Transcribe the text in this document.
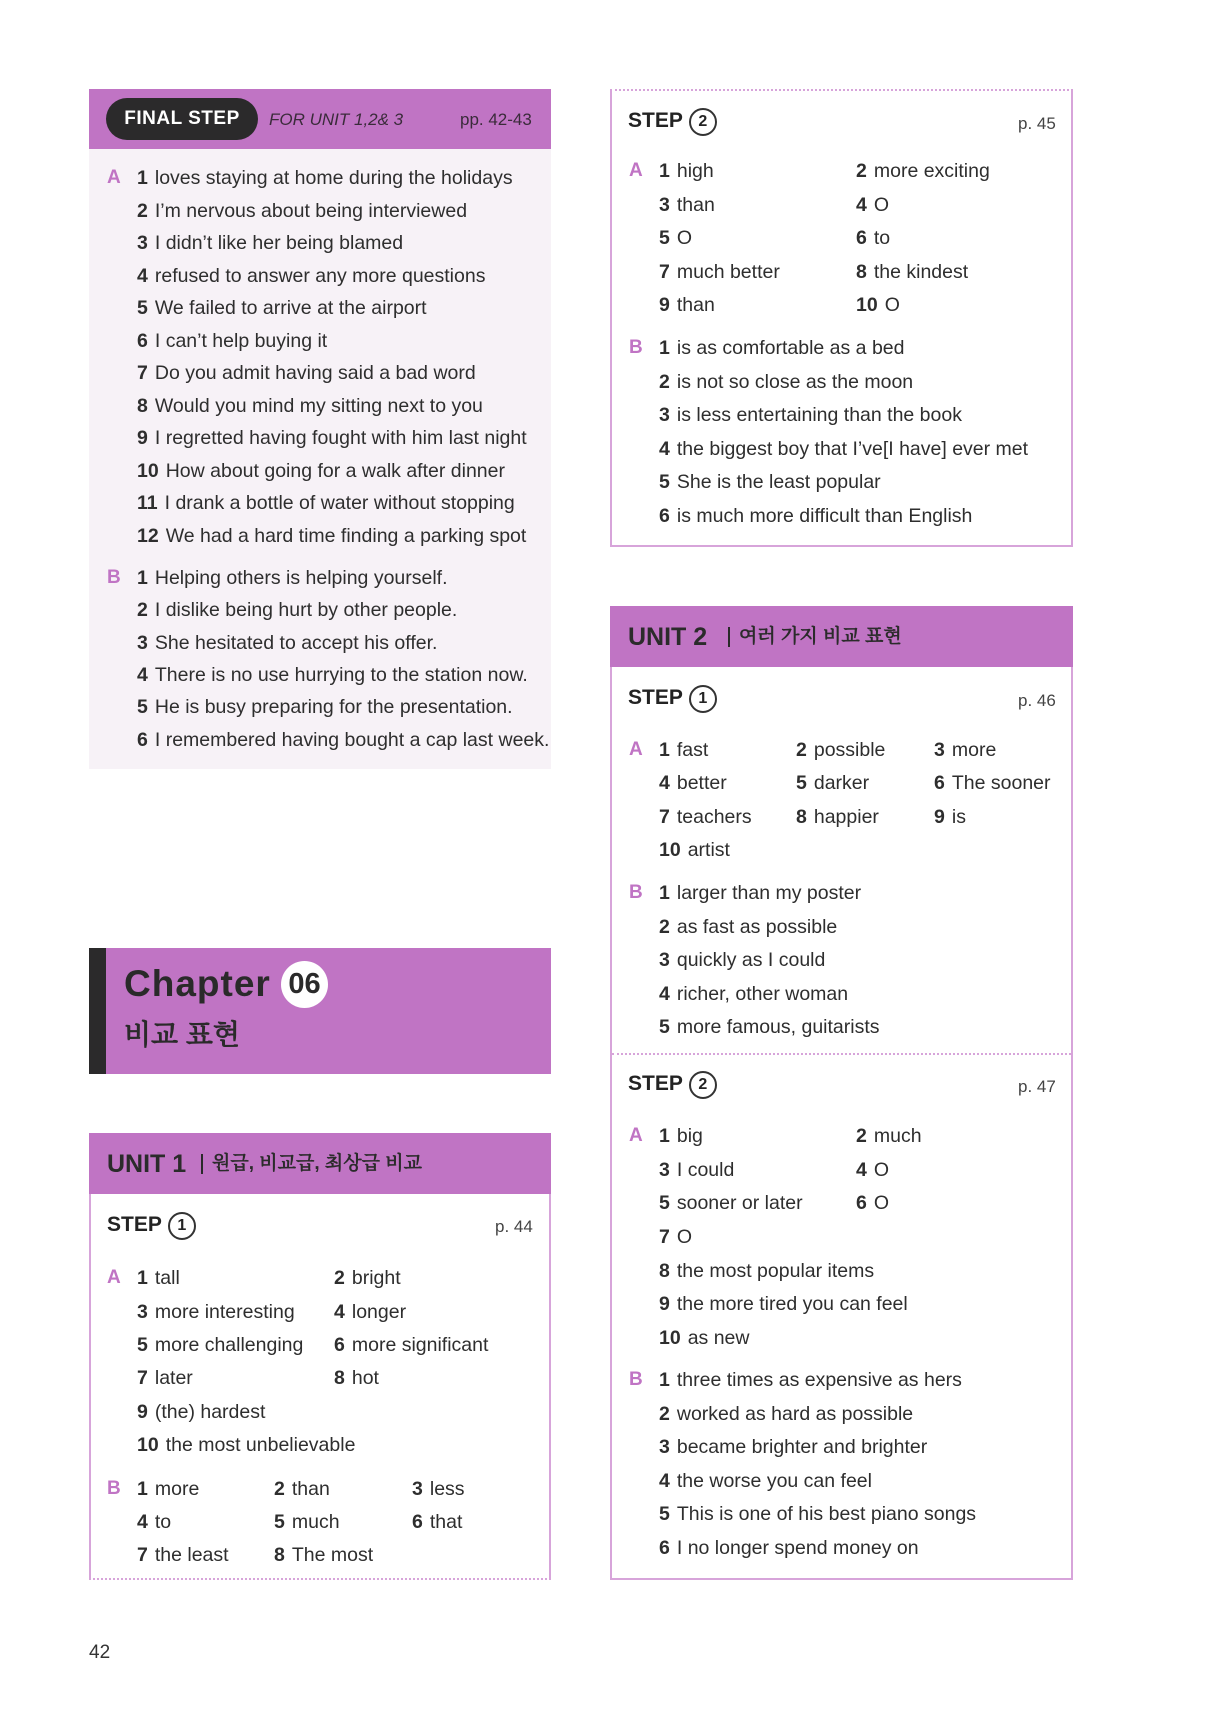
FINAL STEP	FOR UNIT 1,2& 3	pp. 42-43
A 1 loves staying at home during the holidays
2 I’m nervous about being interviewed
3 I didn’t like her being blamed
4 refused to answer any more questions
5 We failed to arrive at the airport
6 I can’t help buying it
7 Do you admit having said a bad word
8 Would you mind my sitting next to you
9 I regretted having fought with him last night
10 How about going for a walk after dinner
11 I drank a bottle of water without stopping
12 We had a hard time finding a parking spot
B 1 Helping others is helping yourself.
2 I dislike being hurt by other people.
3 She hesitated to accept his offer.
4 There is no use hurrying to the station now.
5 He is busy preparing for the presentation.
6 I remembered having bought a cap last week.
Chapter 06
비교 표현
UNIT 1 원급, 비교급, 최상급 비교
STEP 1	p. 44
A 1 tall	2 bright
3 more interesting 4 longer
5 more challenging 6 more significant
7 later	8 hot
9 (the) hardest
10 the most unbelievable
B 1 more	2 than	3 less
4 to	5 much	6 that
7 the least 8 The most
STEP 2	p. 45
A 1 high	2 more exciting
3 than	4 O
5 O	6 to
7 much better	8 the kindest
9 than	10 O
B 1 is as comfortable as a bed
2 is not so close as the moon
3 is less entertaining than the book
4 the biggest boy that I’ve[I have] ever met
5 She is the least popular
6 is much more difficult than English
UNIT 2 여러 가지 비교 표현
STEP 1	p. 46
A 1 fast	2 possible 3 more
4 better	5 darker	6 The sooner
7 teachers 8 happier	9 is
10 artist
B 1 larger than my poster
2 as fast as possible
3 quickly as I could
4 richer, other woman
5 more famous, guitarists
STEP 2	p. 47
A 1 big	2 much
3 I could	4 O
5 sooner or later	6 O
7 O
8 the most popular items
9 the more tired you can feel
10 as new
B 1 three times as expensive as hers
2 worked as hard as possible
3 became brighter and brighter
4 the worse you can feel
5 This is one of his best piano songs
6 I no longer spend money on
42
